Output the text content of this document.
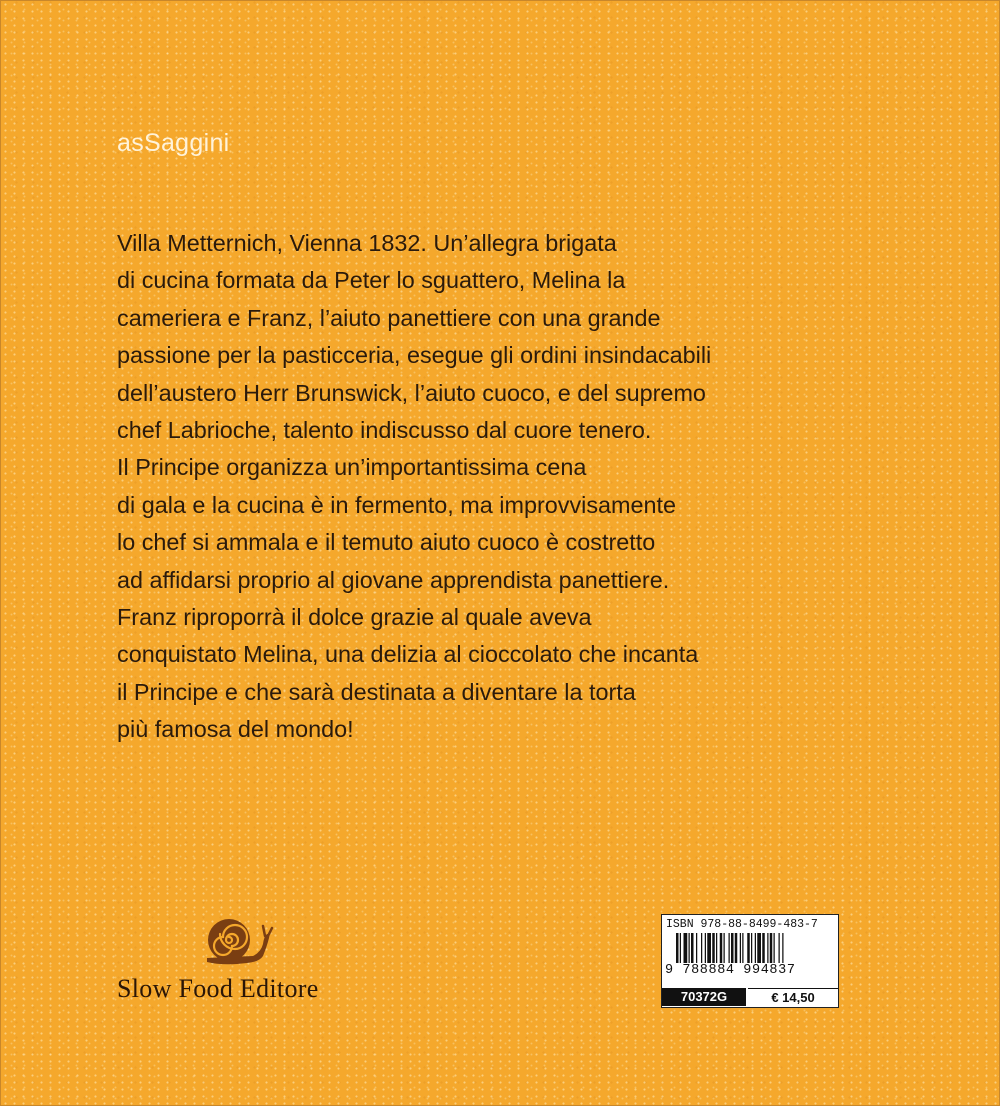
asSaggini
Villa Metternich, Vienna 1832. Un’allegra brigata
di cucina formata da Peter lo sguattero, Melina la
cameriera e Franz, l’aiuto panettiere con una grande
passione per la pasticceria, esegue gli ordini insindacabili
dell’austero Herr Brunswick, l’aiuto cuoco, e del supremo
chef Labrioche, talento indiscusso dal cuore tenero.
Il Principe organizza un’importantissima cena
di gala e la cucina è in fermento, ma improvvisamente
lo chef si ammala e il temuto aiuto cuoco è costretto
ad affidarsi proprio al giovane apprendista panettiere.
Franz riproporrà il dolce grazie al quale aveva
conquistato Melina, una delizia al cioccolato che incanta
il Principe e che sarà destinata a diventare la torta
più famosa del mondo!
Slow Food Editore
ISBN 978-88-8499-483-7
9 788884 994837
70372G	€ 14,50
